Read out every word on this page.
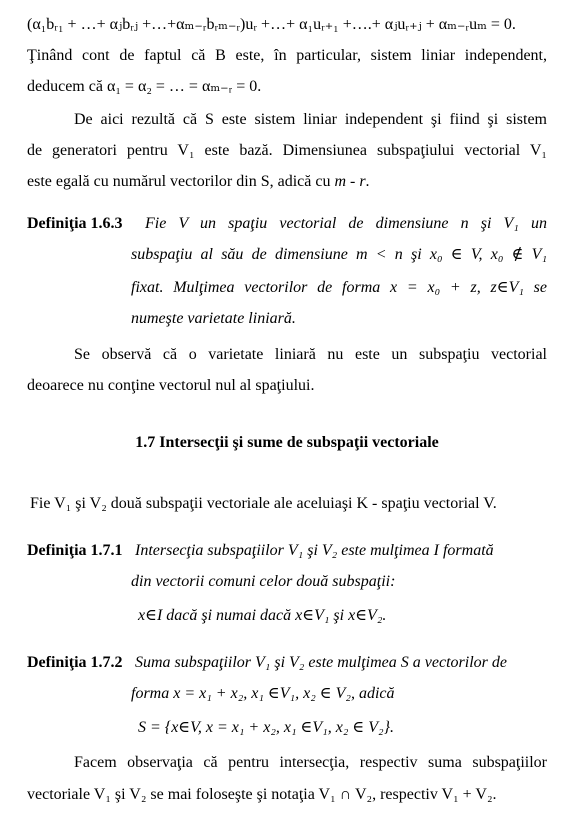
(α₁bᵣ₁ + …+ αⱼbᵣⱼ +…+αₘ₋ᵣbᵣₘ₋ᵣ)uᵣ +…+ α₁uᵣ₊₁ +….+ αⱼuᵣ₊ⱼ + αₘ₋ᵣuₘ = 0.
Ţinând cont de faptul că B este, în particular, sistem liniar independent,
deducem că α₁ = α₂ = … = αₘ₋ᵣ = 0.
De aici rezultă că S este sistem liniar independent şi fiind şi sistem
de generatori pentru V₁ este bază. Dimensiunea subspaţiului vectorial V₁
este egală cu numărul vectorilor din S, adică cu m - r.
Definiţia 1.6.3	Fie V un spaţiu vectorial de dimensiune n şi V₁ un
subspaţiu al său de dimensiune m < n şi x₀ ∈ V, x₀ ∉ V₁
fixat. Mulţimea vectorilor de forma x = x₀ + z, z∈V₁ se
numeşte varietate liniară.
Se observă că o varietate liniară nu este un subspaţiu vectorial
deoarece nu conţine vectorul nul al spaţiului.
1.7 Intersecţii şi sume de subspaţii vectoriale
Fie V₁ şi V₂ două subspaţii vectoriale ale aceluiaşi K - spaţiu vectorial V.
Definiţia 1.7.1 Intersecţia subspaţiilor V₁ şi V₂ este mulţimea I formată
din vectorii comuni celor două subspaţii:
x∈I dacă şi numai dacă x∈V₁ şi x∈V₂.
Definiţia 1.7.2 Suma subspaţiilor V₁ şi V₂ este mulţimea S a vectorilor de
forma x = x₁ + x₂, x₁ ∈V₁, x₂ ∈ V₂, adică
S = {x∈V, x = x₁ + x₂, x₁ ∈V₁, x₂ ∈ V₂}.
Facem observaţia că pentru intersecţia, respectiv suma subspaţiilor
vectoriale V₁ şi V₂ se mai foloseşte şi notaţia V₁ ∩ V₂, respectiv V₁ + V₂.
